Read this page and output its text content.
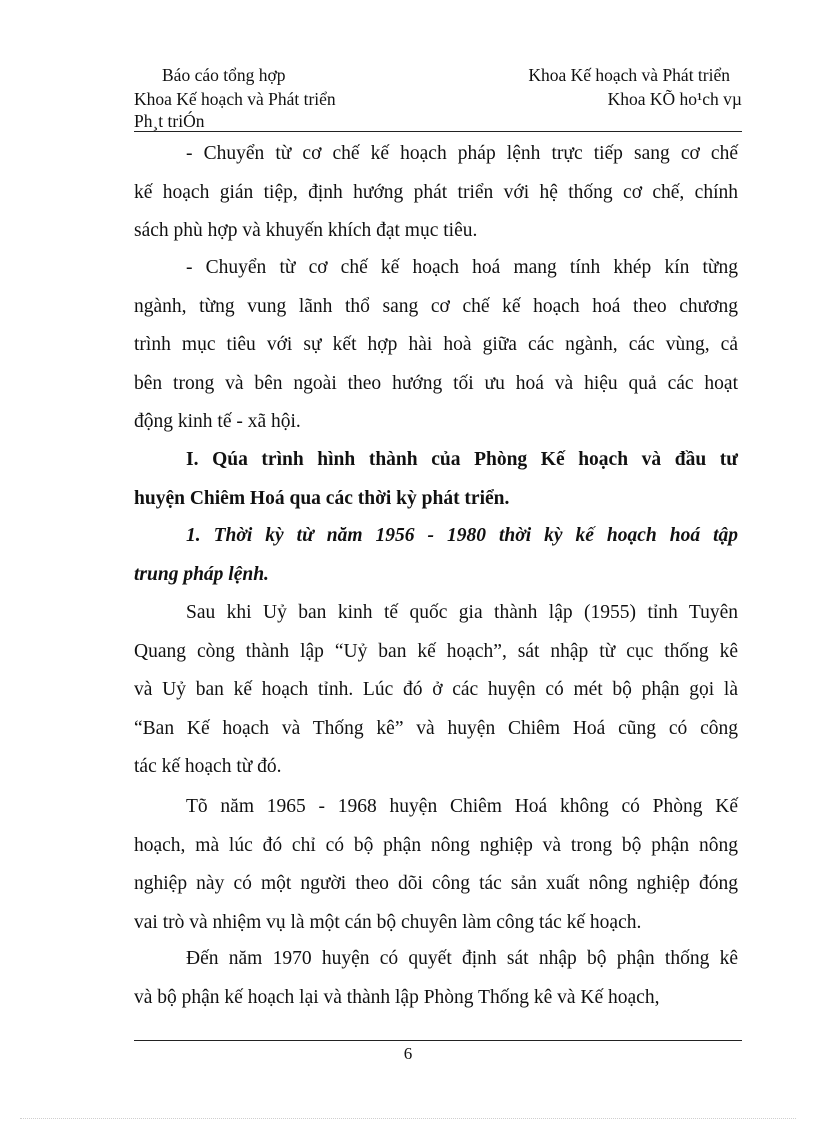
Báo cáo tổng hợp	Khoa Kế hoạch và Phát triển
Khoa Kế hoạch và Phát triển	Khoa KÕ ho¹ch vµ
Ph¸t triÓn

- Chuyển từ cơ chế kế hoạch pháp lệnh trực tiếp sang cơ chế
kế hoạch gián tiệp, định hướng phát triển với hệ thống cơ chế, chính
sách phù hợp và khuyến khích đạt mục tiêu.

- Chuyển từ cơ chế kế hoạch hoá mang tính khép kín từng
ngành, từng vung lãnh thổ sang cơ chế kế hoạch hoá theo chương
trình mục tiêu với sự kết hợp hài hoà giữa các ngành, các vùng, cả
bên trong và bên ngoài theo hướng tối ưu hoá và hiệu quả các hoạt
động kinh tế - xã hội.

I. Qúa trình hình thành của Phòng Kế hoạch và đầu tư
huyện Chiêm Hoá qua các thời kỳ phát triển.

1. Thời kỳ từ năm 1956 - 1980 thời kỳ kế hoạch hoá tập
trung pháp lệnh.

Sau khi Uỷ ban kinh tế quốc gia thành lập (1955) tỉnh Tuyên
Quang còng thành lập “Uỷ ban kế hoạch”, sát nhập từ cục thống kê
và Uỷ ban kế hoạch tỉnh. Lúc đó ở các huyện có mét bộ phận gọi là
“Ban Kế hoạch và Thống kê” và huyện Chiêm Hoá cũng có công
tác kế hoạch từ đó.

Tõ năm 1965 - 1968 huyện Chiêm Hoá không có Phòng Kế
hoạch, mà lúc đó chỉ có bộ phận nông nghiệp và trong bộ phận nông
nghiệp này có một người theo dõi công tác sản xuất nông nghiệp đóng
vai trò và nhiệm vụ là một cán bộ chuyên làm công tác kế hoạch.

Đến năm 1970 huyện có quyết định sát nhập bộ phận thống kê
và bộ phận kế hoạch lại và thành lập Phòng Thống kê và Kế hoạch,

6
